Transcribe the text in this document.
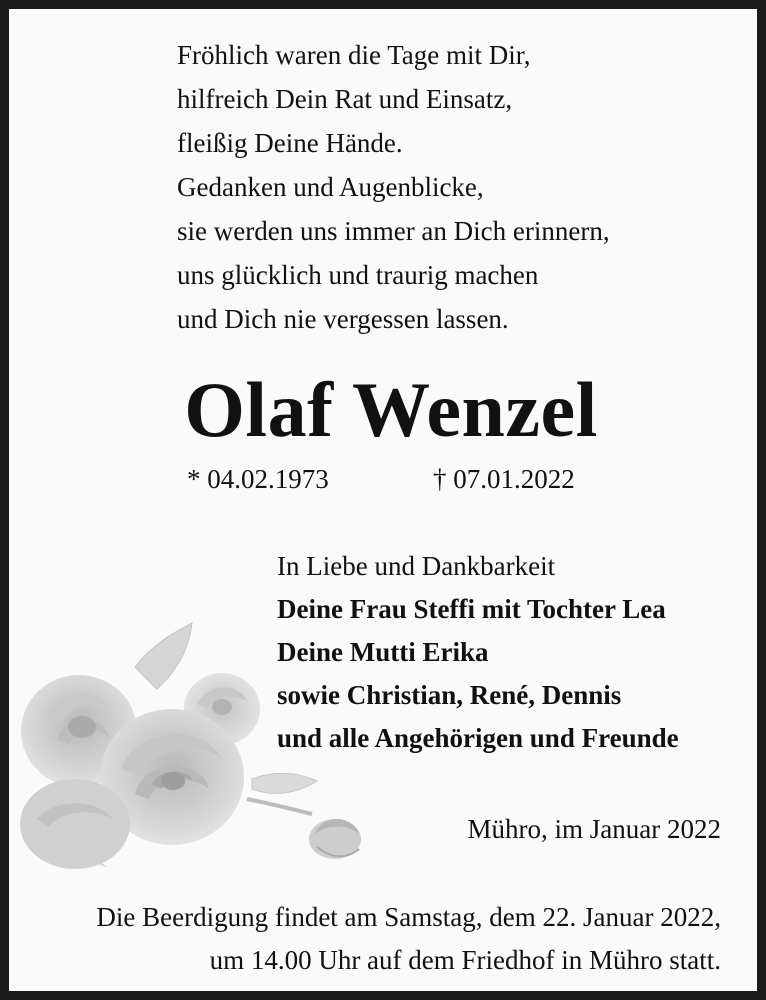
Fröhlich waren die Tage mit Dir,
hilfreich Dein Rat und Einsatz,
fleißig Deine Hände.
Gedanken und Augenblicke,
sie werden uns immer an Dich erinnern,
uns glücklich und traurig machen
und Dich nie vergessen lassen.
Olaf Wenzel
* 04.02.1973	† 07.01.2022
In Liebe und Dankbarkeit
Deine Frau Steffi mit Tochter Lea
Deine Mutti Erika
sowie Christian, René, Dennis
und alle Angehörigen und Freunde
Mühro, im Januar 2022
Die Beerdigung findet am Samstag, dem 22. Januar 2022,
um 14.00 Uhr auf dem Friedhof in Mühro statt.
